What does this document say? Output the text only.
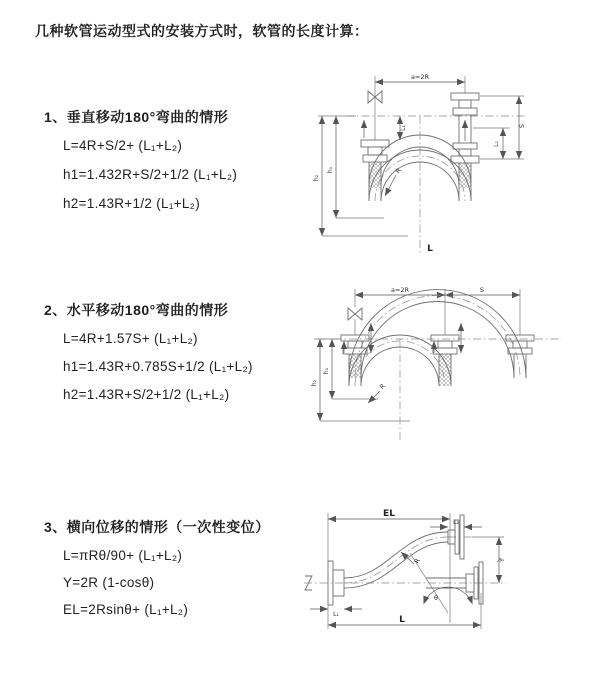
几种软管运动型式的安装方式时，软管的长度计算：
1、垂直移动180°弯曲的情形
L=4R+S/2+ (L₁+L₂)
h1=1.432R+S/2+1/2 (L₁+L₂)
h2=1.43R+1/2 (L₁+L₂)
2、水平移动180°弯曲的情形
L=4R+1.57S+ (L₁+L₂)
h1=1.43R+0.785S+1/2 (L₁+L₂)
h2=1.43R+S/2+1/2 (L₁+L₂)
3、横向位移的情形（一次性变位）
L=πRθ/90+ (L₁+L₂)
Y=2R (1-cosθ)
EL=2Rsinθ+ (L₁+L₂)
a=2R
L₁	S
L₂
h₂
h₁	R
L
a=2R	S
h₂
h₁
R
EL
L₂
Y
L
L₁
θ
R
